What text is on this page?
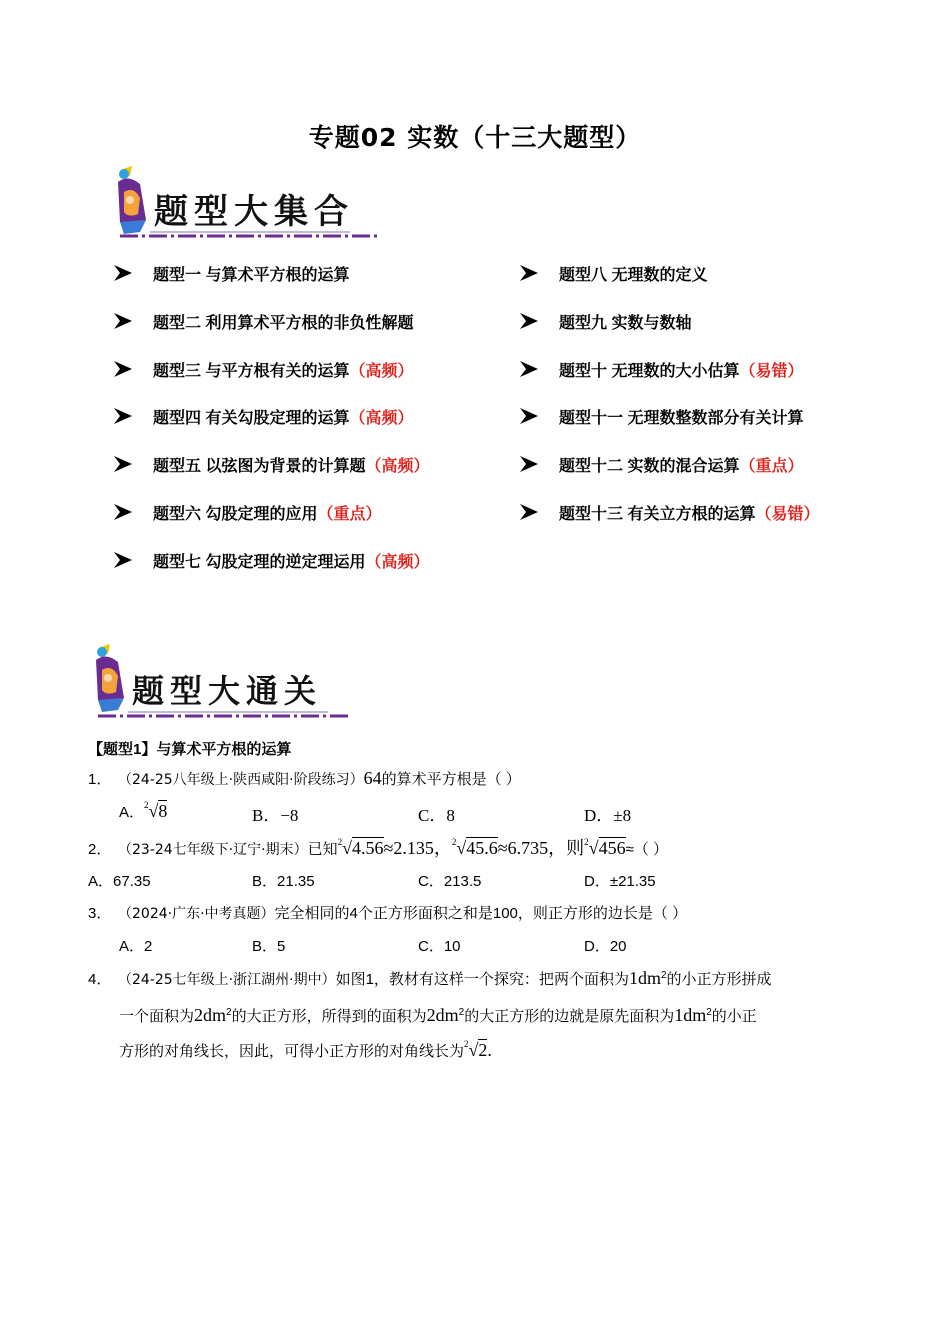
专题02 实数（十三大题型）
题型大集合
题型一 与算术平方根的运算
题型二 利用算术平方根的非负性解题
题型三 与平方根有关的运算 （高频）
题型四 有关勾股定理的运算 （高频）
题型五 以弦图为背景的计算题 （高频）
题型六 勾股定理的应用 （重点）
题型七 勾股定理的逆定理运用 （高频）
题型八 无理数的定义
题型九 实数与数轴
题型十 无理数的大小估算 （易错）
题型十一 无理数整数部分有关计算
题型十二 实数的混合运算 （重点）
题型十三 有关立方根的运算 （易错）
题型大通关
【题型1】与算术平方根的运算
1． （24-25八年级上·陕西咸阳·阶段练习）64的算术平方根是（ ）
A．$^2$√8	B．−8	C．8	D．±8
2． （23-24七年级下·辽宁·期末）已知$^2$√4.56≈2.135，$^2$√45.6≈6.735，则$^2$√456≈（ ）
A．67.35	B．21.35	C．213.5	D．±21.35
3． （2024·广东·中考真题）完全相同的4个正方形面积之和是100，则正方形的边长是（ ）
A．2	B．5	C．10	D．20
4． （24-25七年级上·浙江湖州·期中）如图1，教材有这样一个探究：把两个面积为$1dm^2$的小正方形拼成
一个面积为$2dm^2$的大正方形，所得到的面积为$2dm^2$的大正方形的边就是原先面积为$1dm^2$的小正
方形的对角线长，因此，可得小正方形的对角线长为$^2$√2.
